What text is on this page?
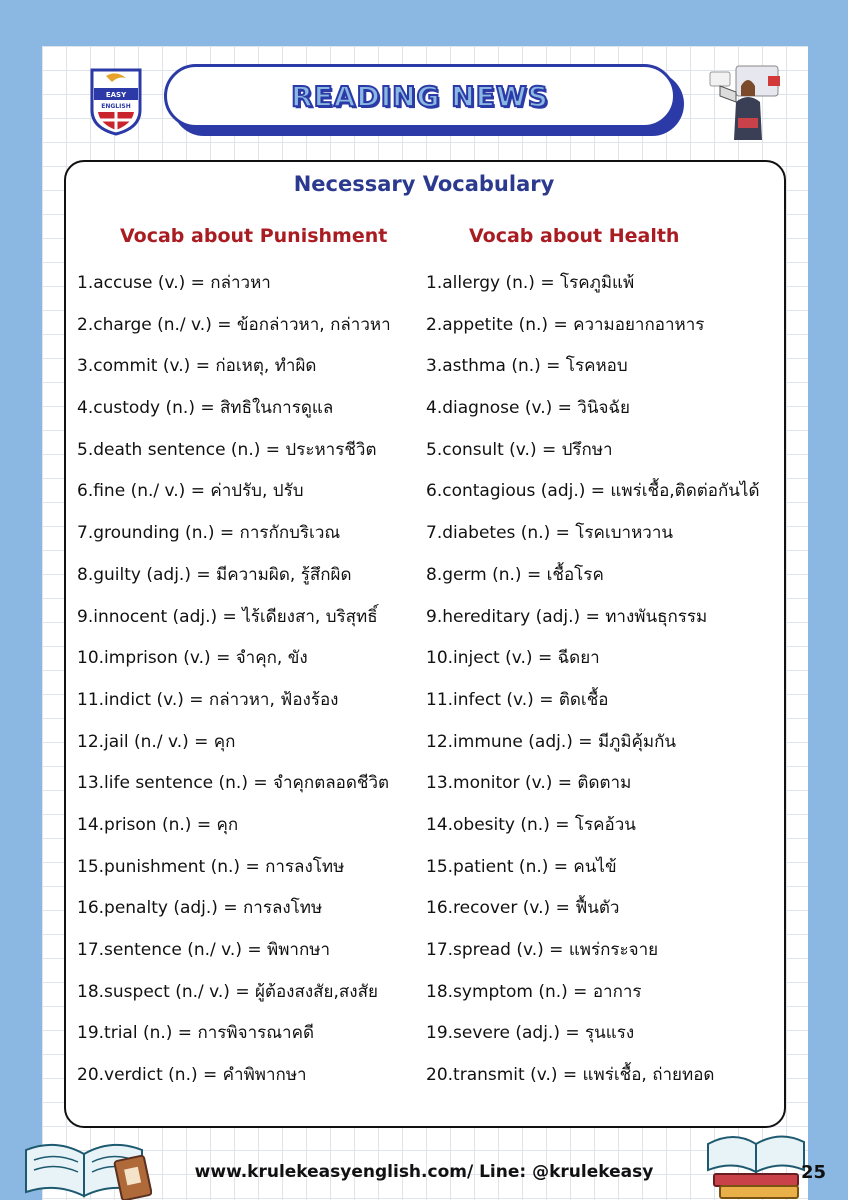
EASY
ENGLISH	READING NEWS
Necessary Vocabulary
Vocab about Punishment	Vocab about Health
1.accuse (v.) = กล่าวหา
2.charge (n./ v.) = ข้อกล่าวหา, กล่าวหา
3.commit (v.) = ก่อเหตุ, ทำผิด
4.custody (n.) = สิทธิในการดูแล
5.death sentence (n.) = ประหารชีวิต
6.fine (n./ v.) = ค่าปรับ, ปรับ
7.grounding (n.) = การกักบริเวณ
8.guilty (adj.) = มีความผิด, รู้สึกผิด
9.innocent (adj.) = ไร้เดียงสา, บริสุทธิ์
10.imprison (v.) = จำคุก, ขัง
11.indict (v.) = กล่าวหา, ฟ้องร้อง
12.jail (n./ v.) = คุก
13.life sentence (n.) = จำคุกตลอดชีวิต
14.prison (n.) = คุก
15.punishment (n.) = การลงโทษ
16.penalty (adj.) = การลงโทษ
17.sentence (n./ v.) = พิพากษา
18.suspect (n./ v.) = ผู้ต้องสงสัย,สงสัย
19.trial (n.) = การพิจารณาคดี
20.verdict (n.) = คำพิพากษา
1.allergy (n.) = โรคภูมิแพ้
2.appetite (n.) = ความอยากอาหาร
3.asthma (n.) = โรคหอบ
4.diagnose (v.) = วินิจฉัย
5.consult (v.) = ปรึกษา
6.contagious (adj.) = แพร่เชื้อ,ติดต่อกันได้
7.diabetes (n.) = โรคเบาหวาน
8.germ (n.) = เชื้อโรค
9.hereditary (adj.) = ทางพันธุกรรม
10.inject (v.) = ฉีดยา
11.infect (v.) = ติดเชื้อ
12.immune (adj.) = มีภูมิคุ้มกัน
13.monitor (v.) = ติดตาม
14.obesity (n.) = โรคอ้วน
15.patient (n.) = คนไข้
16.recover (v.) = ฟื้นตัว
17.spread (v.) = แพร่กระจาย
18.symptom (n.) = อาการ
19.severe (adj.) = รุนแรง
20.transmit (v.) = แพร่เชื้อ, ถ่ายทอด
www.krulekeasyenglish.com/ Line: @krulekeasy	25
